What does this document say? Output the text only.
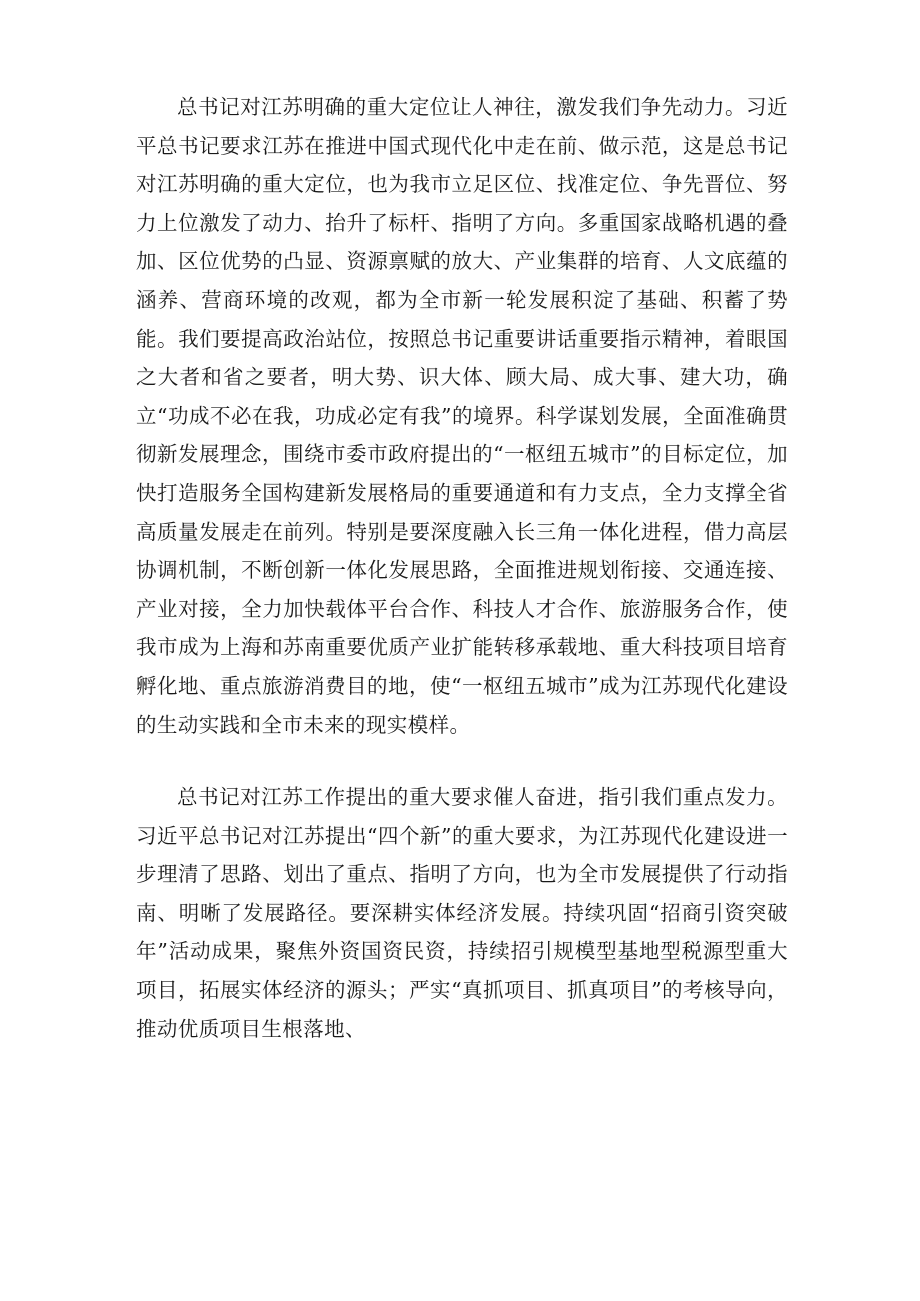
总书记对江苏明确的重大定位让人神往，激发我们争先动力。习近平总书记要求江苏在推进中国式现代化中走在前、做示范，这是总书记对江苏明确的重大定位，也为我市立足区位、找准定位、争先晋位、努力上位激发了动力、抬升了标杆、指明了方向。多重国家战略机遇的叠加、区位优势的凸显、资源禀赋的放大、产业集群的培育、人文底蕴的涵养、营商环境的改观，都为全市新一轮发展积淀了基础、积蓄了势能。我们要提高政治站位，按照总书记重要讲话重要指示精神，着眼国之大者和省之要者，明大势、识大体、顾大局、成大事、建大功，确立“功成不必在我，功成必定有我”的境界。科学谋划发展，全面准确贯彻新发展理念，围绕市委市政府提出的“一枢纽五城市”的目标定位，加快打造服务全国构建新发展格局的重要通道和有力支点，全力支撑全省高质量发展走在前列。特别是要深度融入长三角一体化进程，借力高层协调机制，不断创新一体化发展思路，全面推进规划衔接、交通连接、产业对接，全力加快载体平台合作、科技人才合作、旅游服务合作，使我市成为上海和苏南重要优质产业扩能转移承载地、重大科技项目培育孵化地、重点旅游消费目的地，使“一枢纽五城市”成为江苏现代化建设的生动实践和全市未来的现实模样。

总书记对江苏工作提出的重大要求催人奋进，指引我们重点发力。习近平总书记对江苏提出“四个新”的重大要求，为江苏现代化建设进一步理清了思路、划出了重点、指明了方向，也为全市发展提供了行动指南、明晰了发展路径。要深耕实体经济发展。持续巩固“招商引资突破年”活动成果，聚焦外资国资民资，持续招引规模型基地型税源型重大项目，拓展实体经济的源头；严实“真抓项目、抓真项目”的考核导向，推动优质项目生根落地、
